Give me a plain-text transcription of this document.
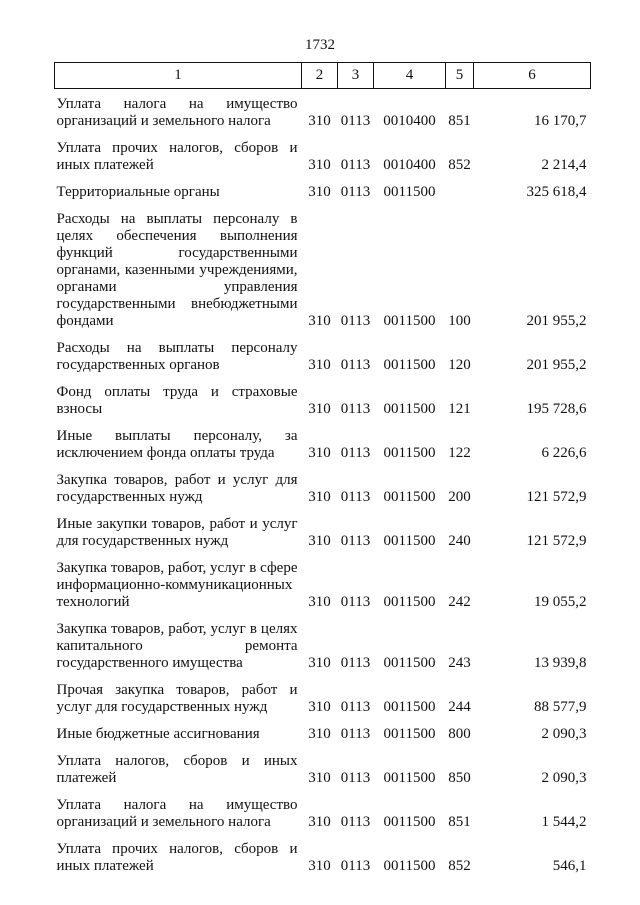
1732
1	2	3	4	5	6
Уплата налога на имущество организаций и земельного налога	310	0113	0010400	851	16 170,7
Уплата прочих налогов, сборов и иных платежей	310	0113	0010400	852	2 214,4
Территориальные органы	310	0113	0011500		325 618,4
Расходы на выплаты персоналу в целях обеспечения выполнения функций государственными органами, казенными учреждениями, органами управления государственными внебюджетными фондами	310	0113	0011500	100	201 955,2
Расходы на выплаты персоналу государственных органов	310	0113	0011500	120	201 955,2
Фонд оплаты труда и страховые взносы	310	0113	0011500	121	195 728,6
Иные выплаты персоналу, за исключением фонда оплаты труда	310	0113	0011500	122	6 226,6
Закупка товаров, работ и услуг для государственных нужд	310	0113	0011500	200	121 572,9
Иные закупки товаров, работ и услуг для государственных нужд	310	0113	0011500	240	121 572,9
Закупка товаров, работ, услуг в сфере информационно-коммуникационных технологий	310	0113	0011500	242	19 055,2
Закупка товаров, работ, услуг в целях капитального ремонта государственного имущества	310	0113	0011500	243	13 939,8
Прочая закупка товаров, работ и услуг для государственных нужд	310	0113	0011500	244	88 577,9
Иные бюджетные ассигнования	310	0113	0011500	800	2 090,3
Уплата налогов, сборов и иных платежей	310	0113	0011500	850	2 090,3
Уплата налога на имущество организаций и земельного налога	310	0113	0011500	851	1 544,2
Уплата прочих налогов, сборов и иных платежей	310	0113	0011500	852	546,1
